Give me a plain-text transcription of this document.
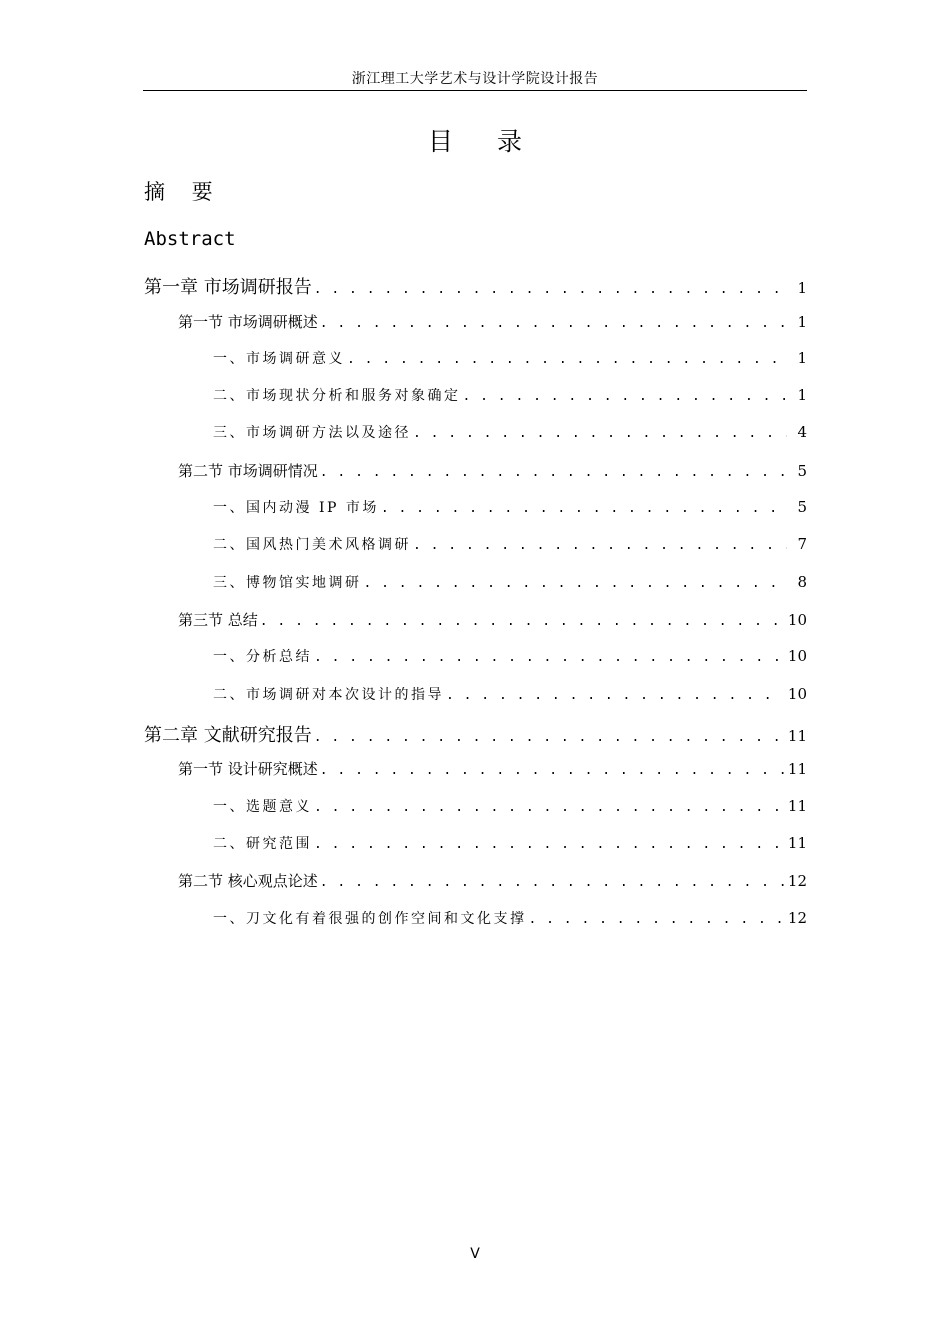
浙江理工大学艺术与设计学院设计报告
目 录
摘 要
Abstract
第一章 市场调研报告 . . .	1
第一节 市场调研概述 . . .	1
一、市场调研意义 . . .	1
二、市场现状分析和服务对象确定 . . .	1
三、市场调研方法以及途径 . . .	4
第二节 市场调研情况 . . .	5
一、国内动漫 IP 市场 . . .	5
二、国风热门美术风格调研 . . .	7
三、博物馆实地调研 . . .	8
第三节 总结 . . .	10
一、分析总结 . . .	10
二、市场调研对本次设计的指导 . . .	10
第二章 文献研究报告 . . .	11
第一节 设计研究概述 . . .	11
一、选题意义 . . .	11
二、研究范围 . . .	11
第二节 核心观点论述 . . .	12
一、刀文化有着很强的创作空间和文化支撑 . . .	12
V
